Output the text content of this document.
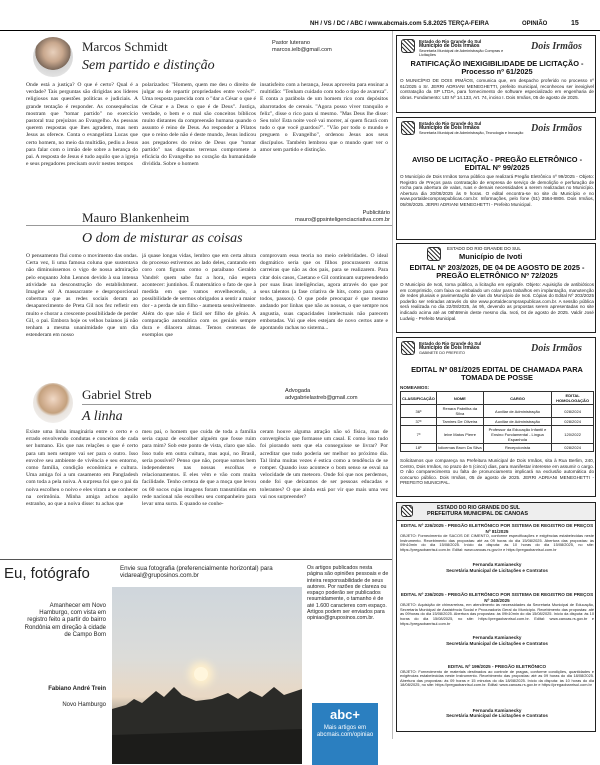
NH / VS / DC / ABC / www.abcmais.com 5.8.2025 TERÇA-FEIRA	OPINIÃO	15
Marcos Schmidt	Pastor luterano
marcos.ielb@gmail.com
Sem partido e distinção
Onde está a justiça? O que é certo? Qual é a verdade? Tais perguntas são dirigidas aos líderes religiosos nas questões políticas e judiciais. A grande tentação é responder. As consequências mostram que "tomar partido" no exercício pastoral traz prejuízos ao Evangelho. As pessoas querem respostas que lhes agradem, mas nem Jesus as oferece. Conta o evangelista Lucas que certo homem, no meio da multidão, pediu a Jesus para falar com o irmão dele sobre a herança do pai. A resposta de Jesus é tudo aquilo que a igreja e seus pregadores precisam ouvir nestes tempos
polarizados: "Homem, quem me deu o direito de julgar ou de repartir propriedades entre vocês?". Uma resposta parecida com o "dar a César o que é de César e a Deus o que é de Deus". Justiça, verdade, o bem e o mal são conceitos bíblicos muito distantes da compreensão humana quando o assunto é reino de Deus. Ao responder a Pilatos que o reino dele não é deste mundo, Jesus indicou aos pregadores do reino de Deus que "tomar partido" nas disputas terrenas compromete a eficácia do Evangelho no coração da humanidade dividida. Sobre o homem
insatisfeito com a herança, Jesus aproveita para ensinar a multidão: "Tenham cuidado com todo o tipo de avareza". E conta a parábola de um homem rico com depósitos abarrotados de cereais. "Agora posso viver tranquilo e feliz", disse o rico para si mesmo. "Mas Deus lhe disse: Seu tolo! Esta noite você vai morrer, aí quem ficará com tudo o que você guardou?". "Vão por todo o mundo e preguem o Evangelho", ordenou Jesus aos seus discípulos. Também lembrou que o mundo quer ver o amor sem partido e distinção.
Mauro Blankenheim	Publicitário
mauro@gpsinteligenciacriativa.com.br
O dom de misturar as coisas
O pensamento flui como o movimento das ondas. Certa vez, li uma famosa coluna que sustentava não diminuíssemos o vigo de nossa admiração pelo enquanto John Lennon devido à sua intensa atividade na desconstrução do establishment. Imagine só! A massacrante e desproporcional cobertura que as redes sociais deram ao desaparecimento de Preta Gil nos fez refletir em muito e chorar a crescente possibilidade de perder Gil, o pai. Embora hoje os velhos baianos já não tenham a mesma unanimidade que um dia estenderam em nosso
já quase longas vidas, lembro que em certa altura do processo estivemos ao lado deles, cantando em coro com figuras como o paraibano Geraldo Vandré: quem sabe faz a hora, não espera acontecer: juntinhos. É matemático o fato de que à medida em que vamos envelhecendo, a possibilidade de sermos obrigados a sentir a maior dor - a perda de um filho - aumenta sensivelmente. Além do que não é fácil ser filho de gênio. A comparação automática com os geniais sempre dura e dilacera almas. Temos centenas de exemplos que
comprovam essa teoria no meio celebridades. O ideal dogmático seria que os filhos procurassem outras carreiras que não as dos pais, para se realizarem. Para citar dois casos, Caetano e Gil continuam surpreendendo por suas lisas inteligências, agora através do que por seus talentos (a fase criativa de hits, como para quase todos, passou). O que pode preocupar é que mesmo andando por linhas que não as nossas, o que sempre nos angustia, suas capacidades intelectuais não parecem embotadas. Vai que eles estejam de novo certos ante e apontando rachas no sistema...
Gabriel Streb	Advogada
advgabrielastreb@gmail.com
A linha
Existe uma linha imaginária entre o certo e o errado envolvendo condutas e conceitos de cada ser humano. Eis que nas relações o que é certo para um nem sempre vai ser para o outro. Isso envolve seu ambiente de vivência e seu entorno, como família, condição econômica e cultura. Uma amiga foi a um casamento em Pangladesh com toda a pela noiva. A surpresa foi que o pai da noiva escolheu o noivo e eles viram a se conhecer na cerimônia. Minha amiga achou aquilo estranho, ao que a noiva disse: tu achas que
meu pai, o homem que cuida de toda a família seria capaz de escolher alguém que fosse ruim para mim? Sob este ponto de vista, claro que não. Isso tudo em outra cultura, mas aqui, no Brasil, seria possível? Penso que não, porque somos bem independentes nas nossas escolhas e relacionamentos. E eles vêm e vão com muita facilidade. Tenho certeza de que a moça que levou os 60 socos cujas imagens foram transmitidas em rede nacional não escolheu seu companheiro para levar uma surra. E quando se conhe-
ceram houve alguma atração não só física, mas de convergência que formasse um casal. E como isso tudo foi piorando sem que ela conseguisse se livrar? Por acreditar que tudo poderia ser melhor no próximo dia. Tal linha muitas vezes é estica como a tendência de se romper. Quando isso acontece o bom senso se esvai na velocidade de um meteoro. Onde foi que nos perdemos, onde foi que deixamos de ser pessoas educadas e tolerantes? O que ainda está por vir que mais uma vez vai nos surpreender?
Eu, fotógrafo	Envie sua fotografia (preferencialmente horizontal) para vidareal@gruposinos.com.br
Amanhecer em Novo Hamburgo, com vista em registro feito a partir do bairro Rondônia em direção à cidade de Campo Bom
Fabiano André Trein
Novo Hamburgo
Os artigos publicados nesta página são opiniões pessoais e de inteira responsabilidade de seus autores. Por razões de clareza ou espaço poderão ser publicados resumidamente, o tamanho é de até 1.600 caracteres com espaço. Artigos podem ser enviados para opiniao@gruposinos.com.br.
abc+
Mais artigos em abcmais.com/opiniao
Estado do Rio Grande do Sul
Município de Dois Irmãos
Secretaria Municipal de Administração Compras e Licitações
Dois Irmãos
RATIFICAÇÃO INEXIGIBILIDADE DE LICITAÇÃO - Processo nº 61/2025
O MUNICÍPIO DE DOIS IRMÃOS, comunica que, em despacho proferido no processo nº 61/2025 o Sr. JERRI ADRIANI MENEGHETTI, prefeito municipal, reconheceu ser inexigível contratação da SP LTDA, para fornecimento de software especializado em engenharia de obras. Fundamento: LEI Nº 14.133, Art. 74, inciso I. Dois Irmãos, 05 de agosto de 2025.
Estado do Rio Grande do Sul
Município de Dois Irmãos
Secretaria Municipal de Administração, Tecnologia e Inovação Dois Irmãos
AVISO DE LICITAÇÃO - PREGÃO ELETRÔNICO - EDITAL Nº 99/2025
O Município de Dois Irmãos torna público que realizará Pregão Eletrônico nº 99/2025 - Objeto: Registro de Preços para contratação de empresa de serviço de demolição e perfuração de rocha para abertura de valas, ruas e demais necessidades a serem realizadas no Município. Abertura dia 20/08/2025 às 9 horas. O edital encontra-se no site do Município e no www.portaldecompraspublicas.com.br. Informações, pelo fone (51) 3564-8806. Dois Irmãos, 05/08/2025. JERRI ADRIANI MENEGHETTI - Prefeito Municipal.
ESTADO DO RIO GRANDE DO SUL
Município de Ivoti
EDITAL Nº 203/2025, DE 04 DE AGOSTO DE 2025 - PREGÃO ELETRÔNICO Nº 72/2025
O Município de Ivoti, torna público, a licitação em epígrafe. Objeto: Aquisição de antibióticos em comprimido, com faixa ou embalado um colar para trabalhos em implantação, manutenção de redes pluviais e pavimentação de vias do Município de Ivoti. Cópias do Edital Nº 203/2025 poderão ser retiradas através do site www.portaldecompraspublicas.com.br. A sessão pública será realizada no dia 22/08/2025, às 9h, devendo as propostas serem apresentadas no site indicado acima até as 08h59min deste mesmo dia. Ivoti, 04 de agosto de 2025. Valdir José Ludwig - Prefeito Municipal.
Estado do Rio Grande do Sul
Município de Dois Irmãos
GABINETE DO PREFEITO	Dois Irmãos
EDITAL Nº 081/2025 EDITAL DE CHAMADA PARA TOMADA DE POSSE
NOMEAMOS:
CLASSIFICAÇÃO	NOME	CARGO	EDITAL HOMOLOGAÇÃO
36º	Renara Pabrilha da Silva	Auxiliar de Administração	028/2024
37º	Tamires De Oliveira	Auxiliar de Administração	028/2024
7º	Ieive Matos Pierre	Professor da Educação Infantil e Ensino Fundamental - Língua Espanhola	120/2022
18º	Iolicemas Brum Da Silva	Recepcionista	028/2024
Solicitamos que compareça na Prefeitura Municipal de Dois Irmãos, sita à Rua Berlim, 240, Centro, Dois Irmãos, no prazo de 5 (cinco) dias, para manifestar interesse em assumir o cargo. O não comparecimento ou falta de pronunciamento implicará na exclusão automática do concurso público. Dois Irmãos, 05 de agosto de 2025. JERRI ADRIANI MENEGHETTI - PREFEITO MUNICIPAL.
ESTADO DO RIO GRANDE DO SUL
PREFEITURA MUNICIPAL DE CANOAS
EDITAL Nº 226/2025 - PREGÃO ELETRÔNICO POR SISTEMA DE REGISTRO DE PREÇOS Nº 81/2025
OBJETO: Fornecimento de SACOS DE CIMENTO, conforme especificações e exigências estabelecidas neste Instrumento. Recebimento das propostas: até as 09 horas do dia 15/08/2025. Abertura das propostas: às 09h10min do dia 15/08/2025. Início da disputa: às 10 horas do dia 15/08/2025, no site: https://pregaobanrisul.com.br. Edital: www.canoas.rs.gov.br e https://pregaobanrisul.com.br
Fernanda Kamianecky
Secretária Municipal de Licitações e Contratos
EDITAL Nº 236/2025 - PREGÃO ELETRÔNICO POR SISTEMA DE REGISTRO DE PREÇOS Nº 340/2025
OBJETO: Aquisição de chimarreiras, em atendimento às necessidades da Secretaria Municipal de Educação, Secretaria Municipal de Assistência Social e Procuradoria Geral do Município. Recebimento das propostas: até as 09horas do dia 15/08/2025. Abertura das propostas: às 09h10min do dia 15/08/2025. Início da disputa: às 10 horas do dia 15/08/2025, no site: https://pregaobanrisul.com.br. Edital: www.canoas.rs.gov.br e https://pregaobanrisul.com.br
Fernanda Kamianecky
Secretária Municipal de Licitações e Contratos
EDITAL Nº 199/2025 - PREGÃO ELETRÔNICO
OBJETO: Fornecimento de materiais destinados ao controle de pragas, conforme condições, quantidades e exigências estabelecidas neste Instrumento. Recebimento das propostas: até as 09 horas do dia 18/08/2025. Abertura das propostas: às 09 horas e 15 minutos do dia 18/08/2025. Início da disputa: às 10 horas do dia 18/08/2025, no site: https://pregaobanrisul.com.br. Edital: www.canoas.rs.gov.br e https://pregaobanrisul.com.br
Fernanda Kamianecky
Secretária Municipal de Licitações e Contratos
